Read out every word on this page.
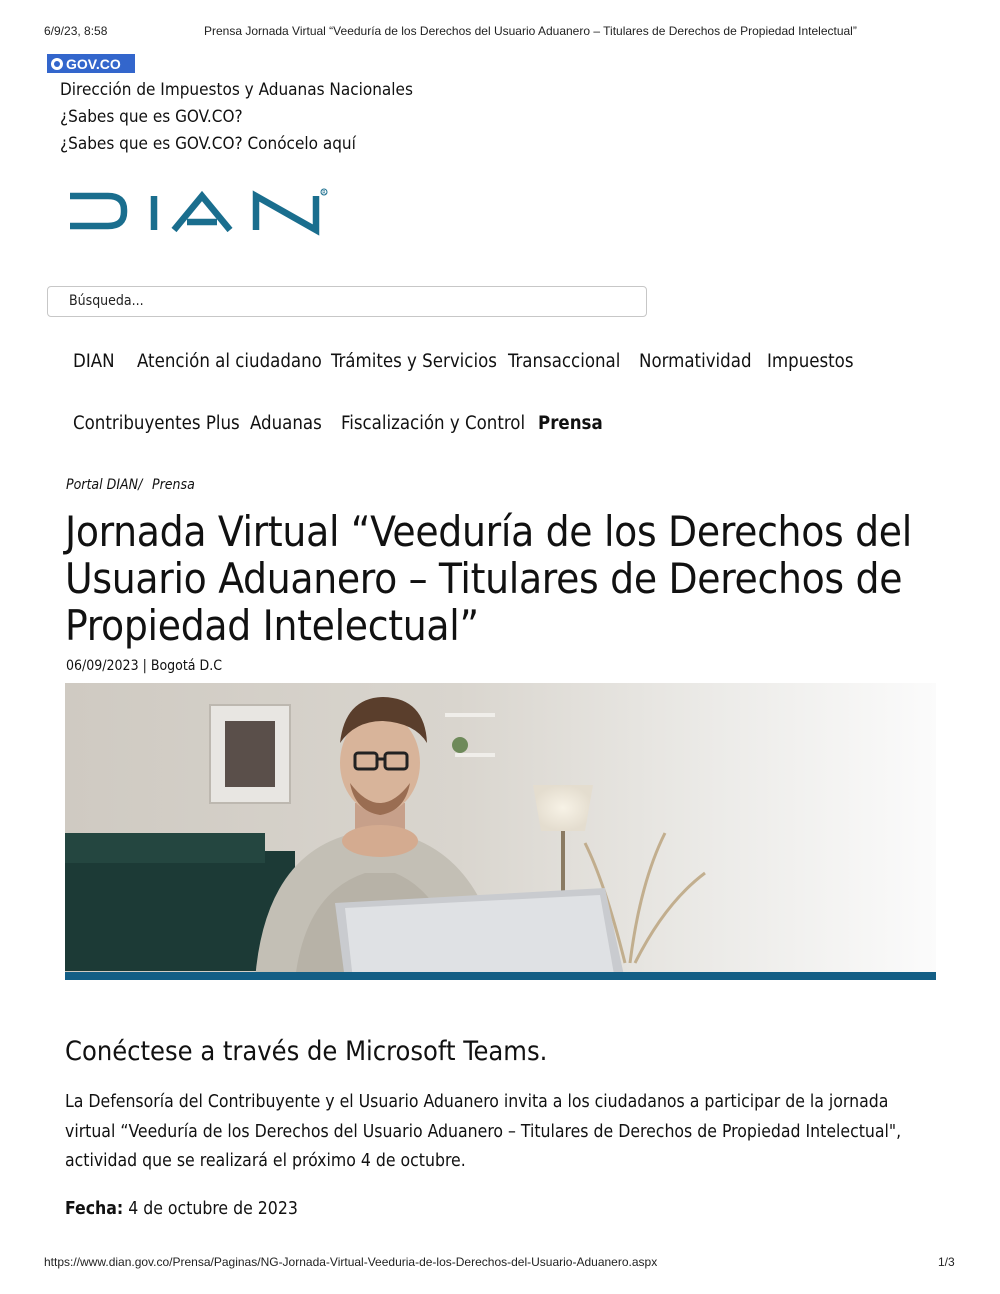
6/9/23, 8:58	Prensa Jornada Virtual “Veeduría de los Derechos del Usuario Aduanero – Titulares de Derechos de Propiedad Intelectual”
GOV.CO
Dirección de Impuestos y Aduanas Nacionales
¿Sabes que es GOV.CO?
¿Sabes que es GOV.CO? Conócelo aquí
R
Búsqueda...
DIAN Atención al ciudadano Trámites y Servicios Transaccional Normatividad Impuestos
Contribuyentes Plus Aduanas Fiscalización y Control Prensa
Portal DIAN/ Prensa
Jornada Virtual “Veeduría de los Derechos del Usuario Aduanero – Titulares de Derechos de Propiedad Intelectual”
06/09/2023 | Bogotá D.C
Conéctese a través de Microsoft Teams.
La Defensoría del Contribuyente y el Usuario Aduanero invita a los ciudadanos a participar de la jornada virtual “Veeduría de los Derechos del Usuario Aduanero – Titulares de Derechos de Propiedad Intelectual", actividad que se realizará el próximo 4 de octubre.
Fecha: 4 de octubre de 2023
https://www.dian.gov.co/Prensa/Paginas/NG-Jornada-Virtual-Veeduria-de-los-Derechos-del-Usuario-Aduanero.aspx	1/3
